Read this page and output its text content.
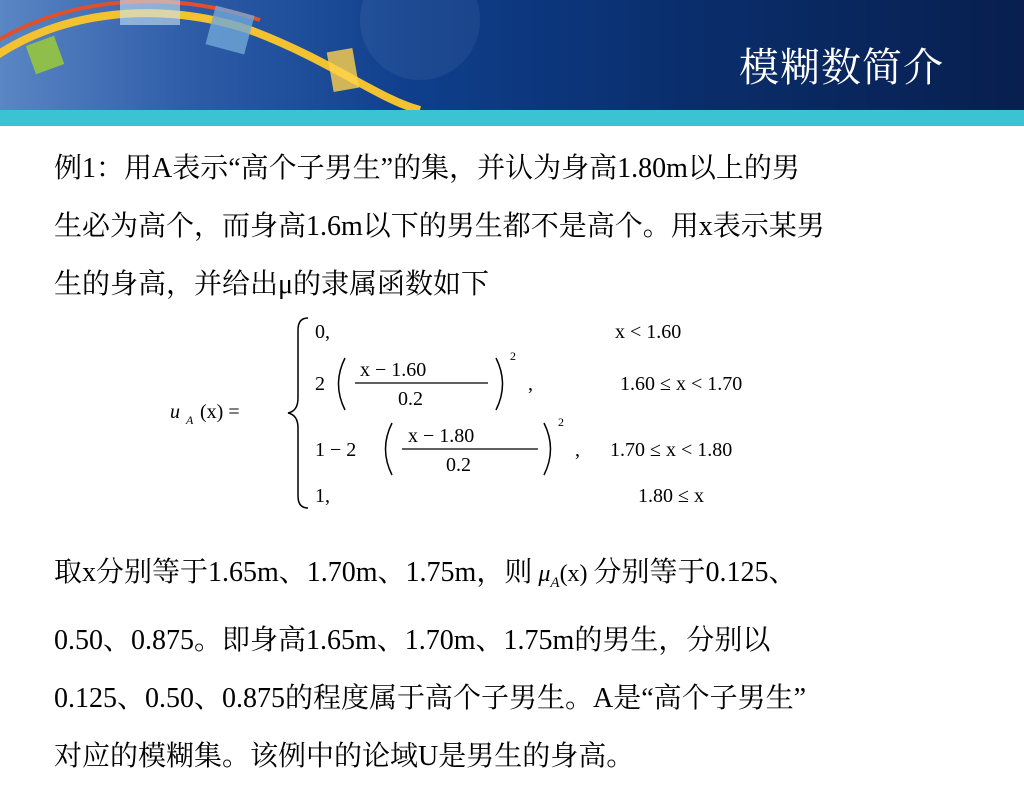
模糊数简介
例1：用A表示“高个子男生”的集，并认为身高1.80m以上的男
生必为高个，而身高1.6m以下的男生都不是高个。用x表示某男
生的身高，并给出μ的隶属函数如下
u A (x) =
0,	x < 1.60
2
x − 1.60
0.2
2
,	1.60 ≤ x < 1.70
1 − 2
x − 1.80
0.2
2
, 1.70 ≤ x < 1.80
1,	1.80 ≤ x
取x分别等于1.65m、1.70m、1.75m，则 $\mu_A(x)$ 分别等于0.125、
0.50、0.875。即身高1.65m、1.70m、1.75m的男生，分别以
0.125、0.50、0.875的程度属于高个子男生。A是“高个子男生”
对应的模糊集。该例中的论域U是男生的身高。
